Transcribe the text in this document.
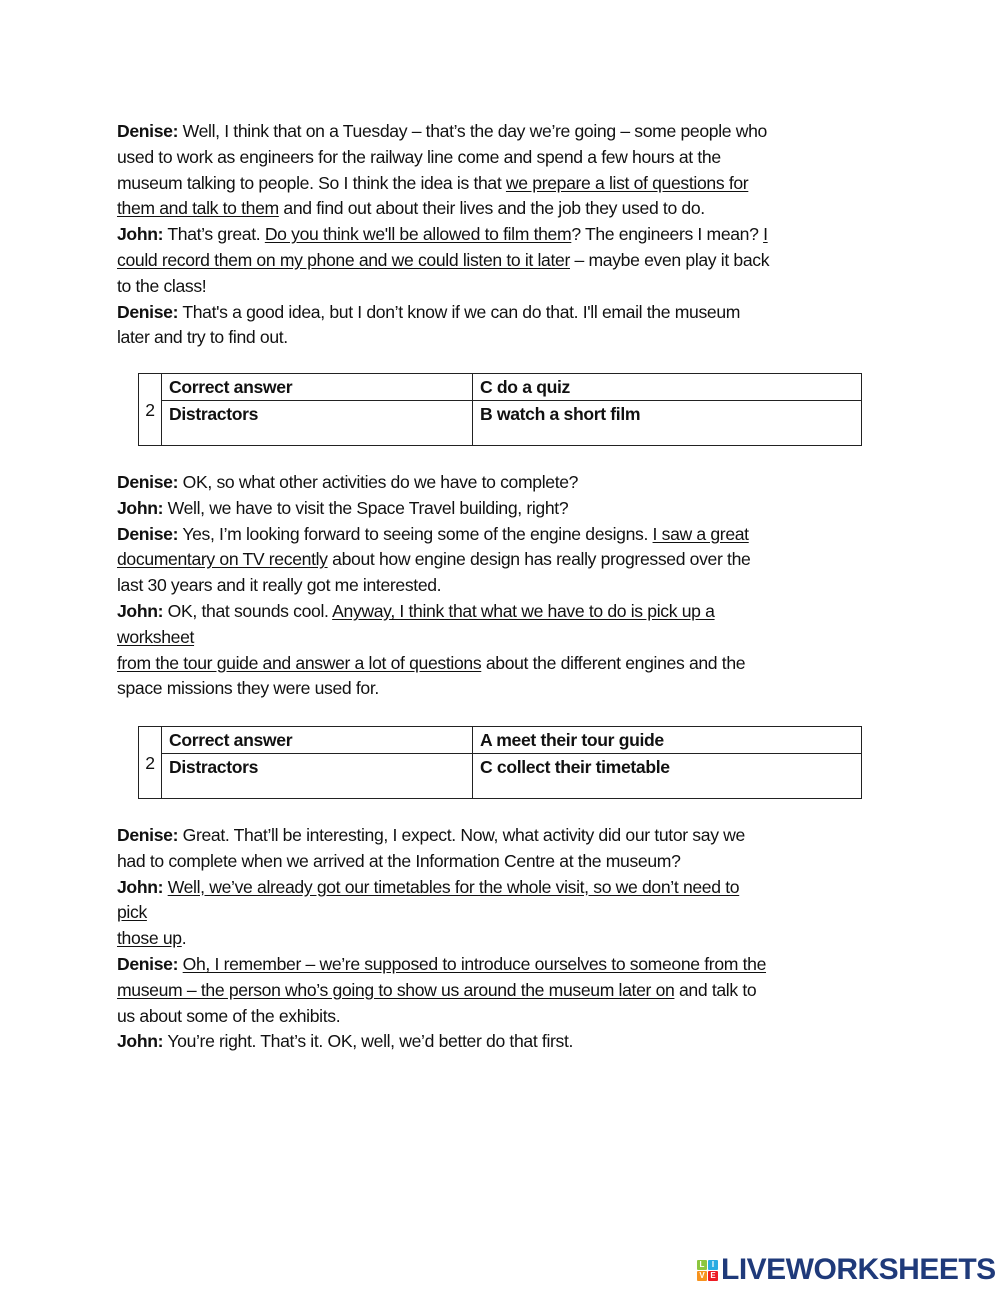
2	Correct answer	C do a quiz
	Distractors	B watch a short film
2	Correct answer	A meet their tour guide
	Distractors	C collect their timetable
L I
V E LIVEWORKSHEETS
Denise: Well, I think that on a Tuesday – that’s the day we’re going – some people who
used to work as engineers for the railway line come and spend a few hours at the
museum talking to people. So I think the idea is that we prepare a list of questions for
them and talk to them and find out about their lives and the job they used to do.
John: That’s great. Do you think we'll be allowed to film them? The engineers I mean? I
could record them on my phone and we could listen to it later – maybe even play it back
to the class!
Denise: That's a good idea, but I don’t know if we can do that. I'll email the museum
later and try to find out.
Denise: OK, so what other activities do we have to complete?
John: Well, we have to visit the Space Travel building, right?
Denise: Yes, I’m looking forward to seeing some of the engine designs. I saw a great
documentary on TV recently about how engine design has really progressed over the
last 30 years and it really got me interested.
John: OK, that sounds cool. Anyway, I think that what we have to do is pick up a
worksheet
from the tour guide and answer a lot of questions about the different engines and the
space missions they were used for.
Denise: Great. That’ll be interesting, I expect. Now, what activity did our tutor say we
had to complete when we arrived at the Information Centre at the museum?
John: Well, we’ve already got our timetables for the whole visit, so we don’t need to
pick
those up.
Denise: Oh, I remember – we’re supposed to introduce ourselves to someone from the
museum – the person who’s going to show us around the museum later on and talk to
us about some of the exhibits.
John: You’re right. That’s it. OK, well, we’d better do that first.
